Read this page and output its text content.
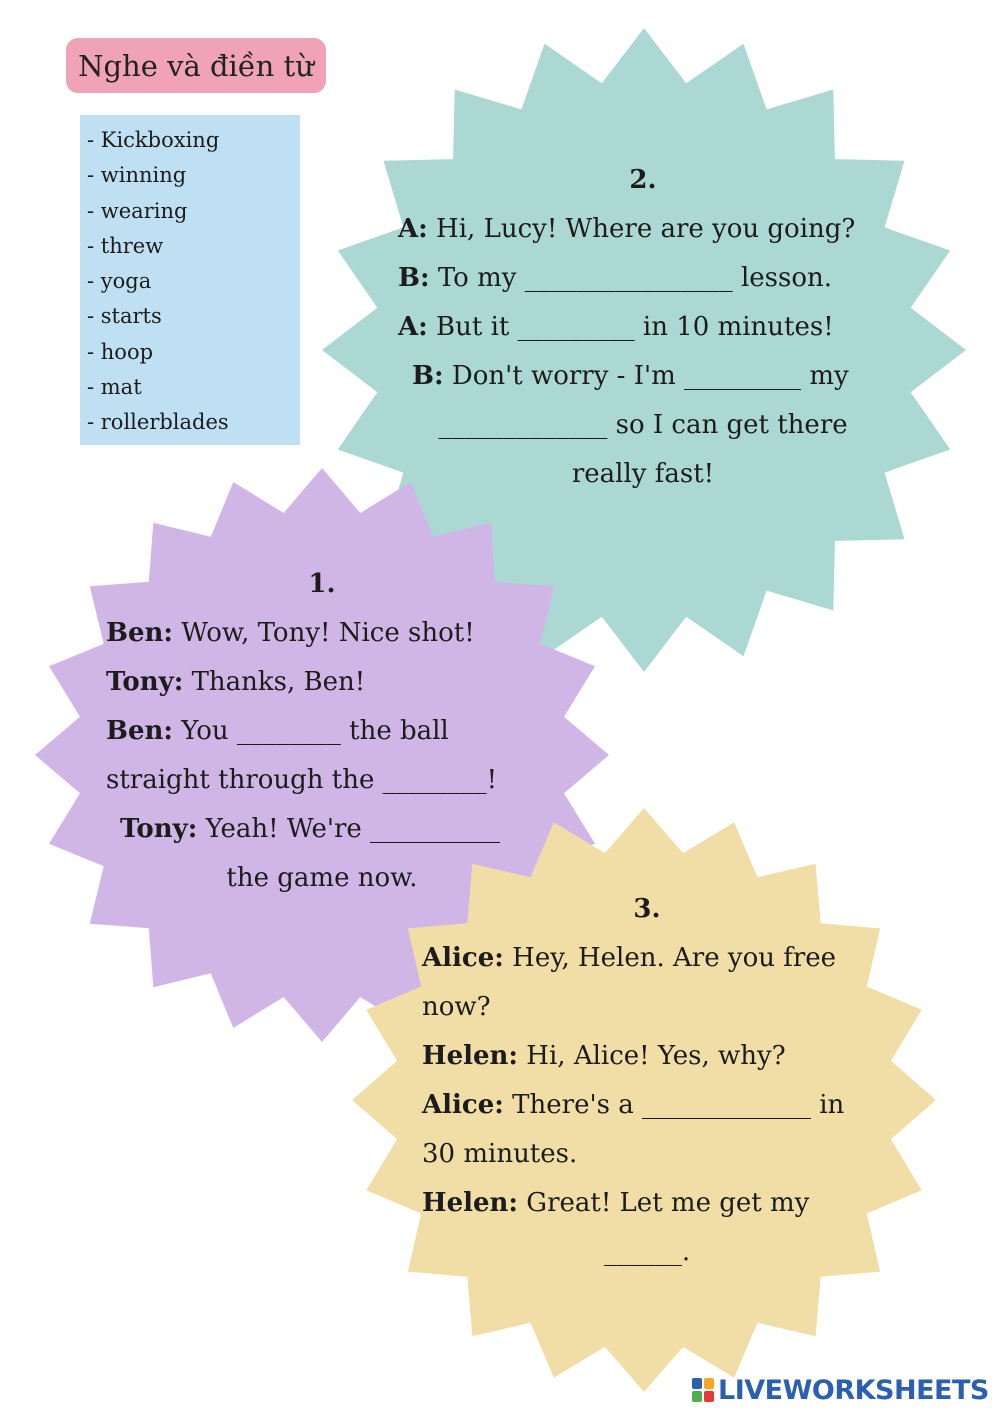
Nghe và điền từ
- Kickboxing
- winning
- wearing
- threw
- yoga
- starts
- hoop
- mat
- rollerblades

2.

A: Hi, Lucy! Where are you going?

B: To my ________________ lesson.

A: But it _________ in 10 minutes!

B: Don't worry - I'm _________ my

_____________ so I can get there

really fast!

1.

Ben: Wow, Tony! Nice shot!

Tony: Thanks, Ben!

Ben: You ________ the ball

straight through the ________!

Tony: Yeah! We're __________

the game now.

3.

Alice: Hey, Helen. Are you free

now?

Helen: Hi, Alice! Yes, why?

Alice: There's a _____________ in

30 minutes.

Helen: Great! Let me get my

______.

LIVEWORKSHEETS
